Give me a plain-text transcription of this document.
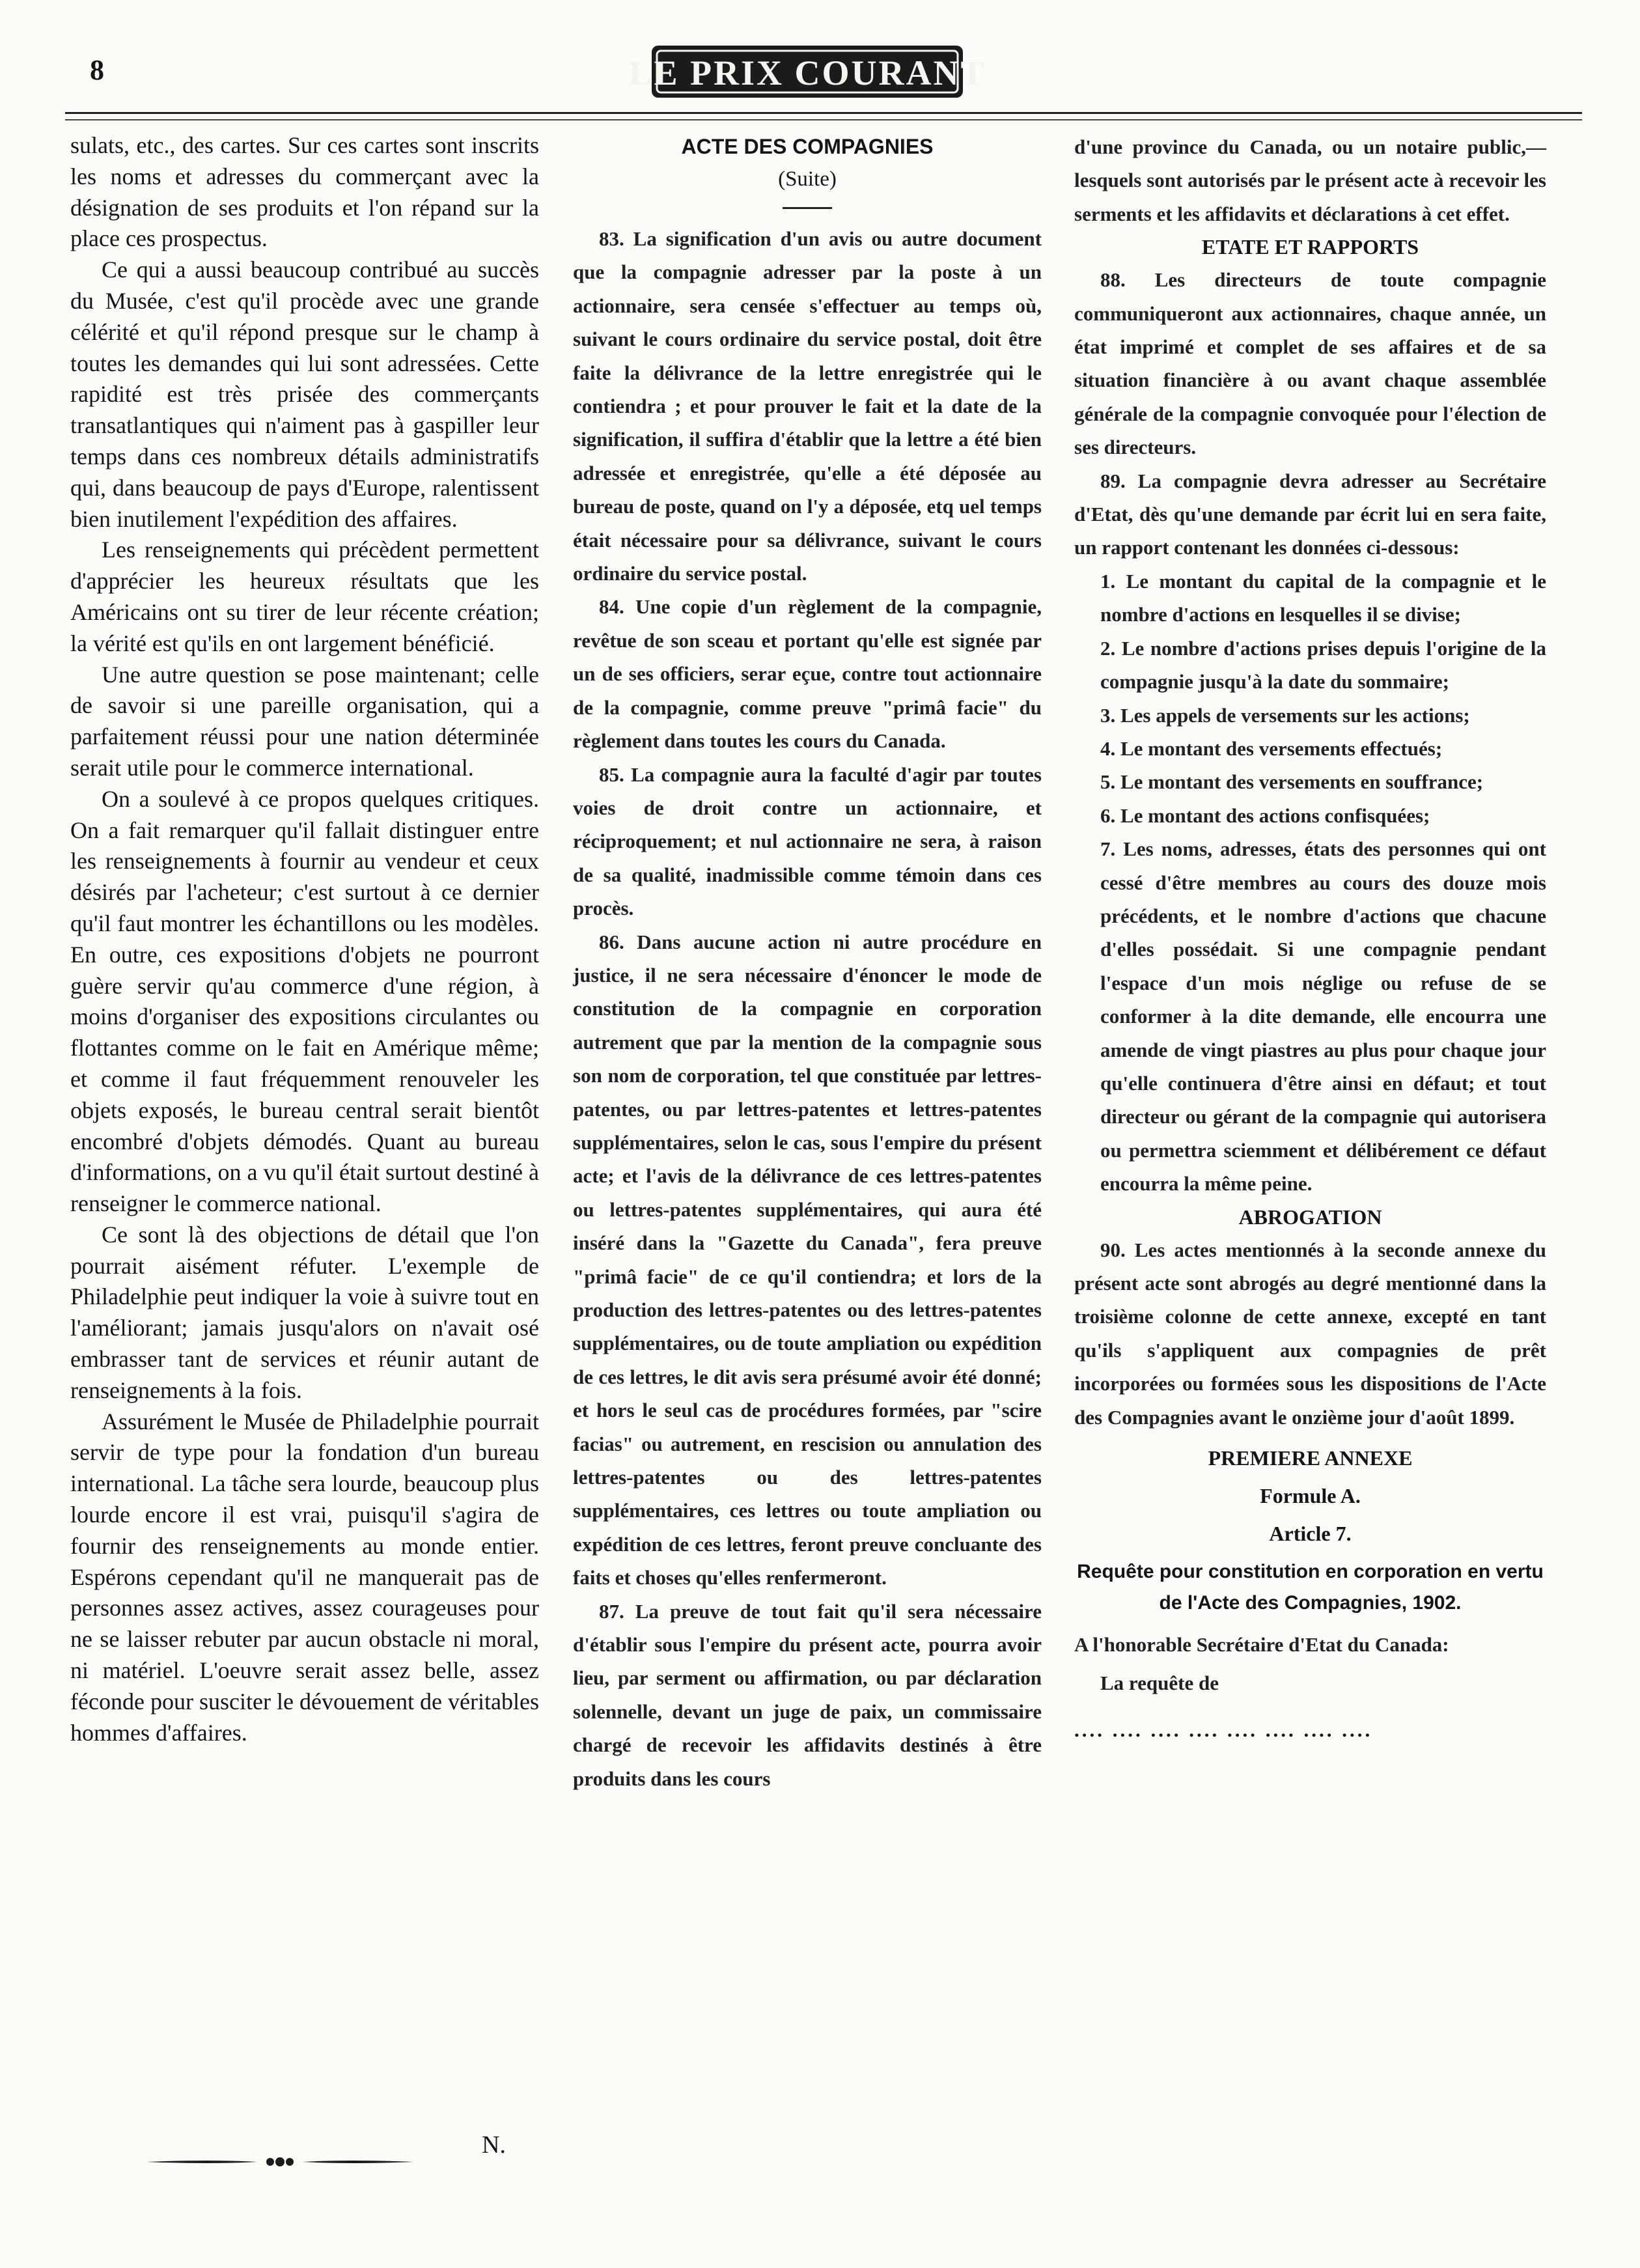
8	LE PRIX COURANT

sulats, etc., des cartes. Sur ces cartes sont inscrits les noms et adresses du commerçant avec la désignation de ses produits et l'on répand sur la place ces prospectus.

Ce qui a aussi beaucoup contribué au succès du Musée, c'est qu'il procède avec une grande célérité et qu'il répond presque sur le champ à toutes les demandes qui lui sont adressées. Cette rapidité est très prisée des commerçants transatlantiques qui n'aiment pas à gaspiller leur temps dans ces nombreux détails administratifs qui, dans beaucoup de pays d'Europe, ralentissent bien inutilement l'expédition des affaires.

Les renseignements qui précèdent permettent d'apprécier les heureux résultats que les Américains ont su tirer de leur récente création; la vérité est qu'ils en ont largement bénéficié.

Une autre question se pose maintenant; celle de savoir si une pareille organisation, qui a parfaitement réussi pour une nation déterminée serait utile pour le commerce international.

On a soulevé à ce propos quelques critiques. On a fait remarquer qu'il fallait distinguer entre les renseignements à fournir au vendeur et ceux désirés par l'acheteur; c'est surtout à ce dernier qu'il faut montrer les échantillons ou les modèles. En outre, ces expositions d'objets ne pourront guère servir qu'au commerce d'une région, à moins d'organiser des expositions circulantes ou flottantes comme on le fait en Amérique même; et comme il faut fréquemment renouveler les objets exposés, le bureau central serait bientôt encombré d'objets démodés. Quant au bureau d'informations, on a vu qu'il était surtout destiné à renseigner le commerce national.

Ce sont là des objections de détail que l'on pourrait aisément réfuter. L'exemple de Philadelphie peut indiquer la voie à suivre tout en l'améliorant; jamais jusqu'alors on n'avait osé embrasser tant de services et réunir autant de renseignements à la fois.

Assurément le Musée de Philadelphie pourrait servir de type pour la fondation d'un bureau international. La tâche sera lourde, beaucoup plus lourde encore il est vrai, puisqu'il s'agira de fournir des renseignements au monde entier. Espérons cependant qu'il ne manquerait pas de personnes assez actives, assez courageuses pour ne se laisser rebuter par aucun obstacle ni moral, ni matériel. L'oeuvre serait assez belle, assez féconde pour susciter le dévouement de véritables hommes d'affaires.

N.
ACTE DES COMPAGNIES
(Suite)

83. La signification d'un avis ou autre document que la compagnie adresser par la poste à un actionnaire, sera censée s'effectuer au temps où, suivant le cours ordinaire du service postal, doit être faite la délivrance de la lettre enregistrée qui le contiendra ; et pour prouver le fait et la date de la signification, il suffira d'établir que la lettre a été bien adressée et enregistrée, qu'elle a été déposée au bureau de poste, quand on l'y a déposée, etq uel temps était nécessaire pour sa délivrance, suivant le cours ordinaire du service postal.

84. Une copie d'un règlement de la compagnie, revêtue de son sceau et portant qu'elle est signée par un de ses officiers, serar eçue, contre tout actionnaire de la compagnie, comme preuve "primâ facie" du règlement dans toutes les cours du Canada.

85. La compagnie aura la faculté d'agir par toutes voies de droit contre un actionnaire, et réciproquement; et nul actionnaire ne sera, à raison de sa qualité, inadmissible comme témoin dans ces procès.

86. Dans aucune action ni autre procédure en justice, il ne sera nécessaire d'énoncer le mode de constitution de la compagnie en corporation autrement que par la mention de la compagnie sous son nom de corporation, tel que constituée par lettres-patentes, ou par lettres-patentes et lettres-patentes supplémentaires, selon le cas, sous l'empire du présent acte; et l'avis de la délivrance de ces lettres-patentes ou lettres-patentes supplémentaires, qui aura été inséré dans la "Gazette du Canada", fera preuve "primâ facie" de ce qu'il contiendra; et lors de la production des lettres-patentes ou des lettres-patentes supplémentaires, ou de toute ampliation ou expédition de ces lettres, le dit avis sera présumé avoir été donné; et hors le seul cas de procédures formées, par "scire facias" ou autrement, en rescision ou annulation des lettres-patentes ou des lettres-patentes supplémentaires, ces lettres ou toute ampliation ou expédition de ces lettres, feront preuve concluante des faits et choses qu'elles renfermeront.

87. La preuve de tout fait qu'il sera nécessaire d'établir sous l'empire du présent acte, pourra avoir lieu, par serment ou affirmation, ou par déclaration solennelle, devant un juge de paix, un commissaire chargé de recevoir les affidavits destinés à être produits dans les cours

d'une province du Canada, ou un notaire public,—lesquels sont autorisés par le présent acte à recevoir les serments et les affidavits et déclarations à cet effet.

ETATE ET RAPPORTS

88. Les directeurs de toute compagnie communiqueront aux actionnaires, chaque année, un état imprimé et complet de ses affaires et de sa situation financière à ou avant chaque assemblée générale de la compagnie convoquée pour l'élection de ses directeurs.

89. La compagnie devra adresser au Secrétaire d'Etat, dès qu'une demande par écrit lui en sera faite, un rapport contenant les données ci-dessous:

1. Le montant du capital de la compagnie et le nombre d'actions en lesquelles il se divise;

2. Le nombre d'actions prises depuis l'origine de la compagnie jusqu'à la date du sommaire;

3. Les appels de versements sur les actions;

4. Le montant des versements effectués;

5. Le montant des versements en souffrance;

6. Le montant des actions confisquées;

7. Les noms, adresses, états des personnes qui ont cessé d'être membres au cours des douze mois précédents, et le nombre d'actions que chacune d'elles possédait. Si une compagnie pendant l'espace d'un mois néglige ou refuse de se conformer à la dite demande, elle encourra une amende de vingt piastres au plus pour chaque jour qu'elle continuera d'être ainsi en défaut; et tout directeur ou gérant de la compagnie qui autorisera ou permettra sciemment et délibérement ce défaut encourra la même peine.

ABROGATION

90. Les actes mentionnés à la seconde annexe du présent acte sont abrogés au degré mentionné dans la troisième colonne de cette annexe, excepté en tant qu'ils s'appliquent aux compagnies de prêt incorporées ou formées sous les dispositions de l'Acte des Compagnies avant le onzième jour d'août 1899.

PREMIERE ANNEXE
Formule A.
Article 7.
Requête pour constitution en corporation en vertu de l'Acte des Compagnies, 1902.

A l'honorable Secrétaire d'Etat du Canada:

La requête de

.... .... .... .... .... .... .... ....
